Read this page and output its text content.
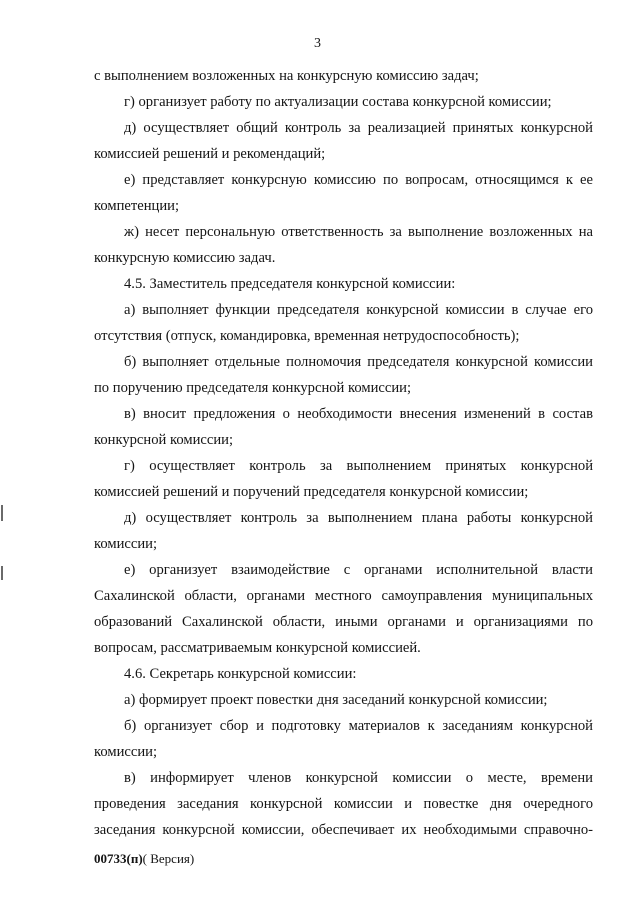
3
с выполнением возложенных на конкурсную комиссию задач;
г) организует работу по актуализации состава конкурсной комиссии;
д) осуществляет общий контроль за реализацией принятых конкурсной
комиссией решений и рекомендаций;
е) представляет конкурсную комиссию по вопросам, относящимся к ее
компетенции;
ж) несет персональную ответственность за выполнение возложенных на
конкурсную комиссию задач.
4.5. Заместитель председателя конкурсной комиссии:
а) выполняет функции председателя конкурсной комиссии в случае его
отсутствия (отпуск, командировка, временная нетрудоспособность);
б) выполняет отдельные полномочия председателя конкурсной комиссии
по поручению председателя конкурсной комиссии;
в) вносит предложения о необходимости внесения изменений в состав
конкурсной комиссии;
г) осуществляет контроль за выполнением принятых конкурсной
комиссией решений и поручений председателя конкурсной комиссии;
д) осуществляет контроль за выполнением плана работы конкурсной
комиссии;
е) организует взаимодействие с органами исполнительной власти
Сахалинской области, органами местного самоуправления муниципальных
образований Сахалинской области, иными органами и организациями по
вопросам, рассматриваемым конкурсной комиссией.
4.6. Секретарь конкурсной комиссии:
а) формирует проект повестки дня заседаний конкурсной комиссии;
б) организует сбор и подготовку материалов к заседаниям конкурсной
комиссии;
в) информирует членов конкурсной комиссии о месте, времени
проведения заседания конкурсной комиссии и повестке дня очередного
заседания конкурсной комиссии, обеспечивает их необходимыми справочно-
00733(п)( Версия)
